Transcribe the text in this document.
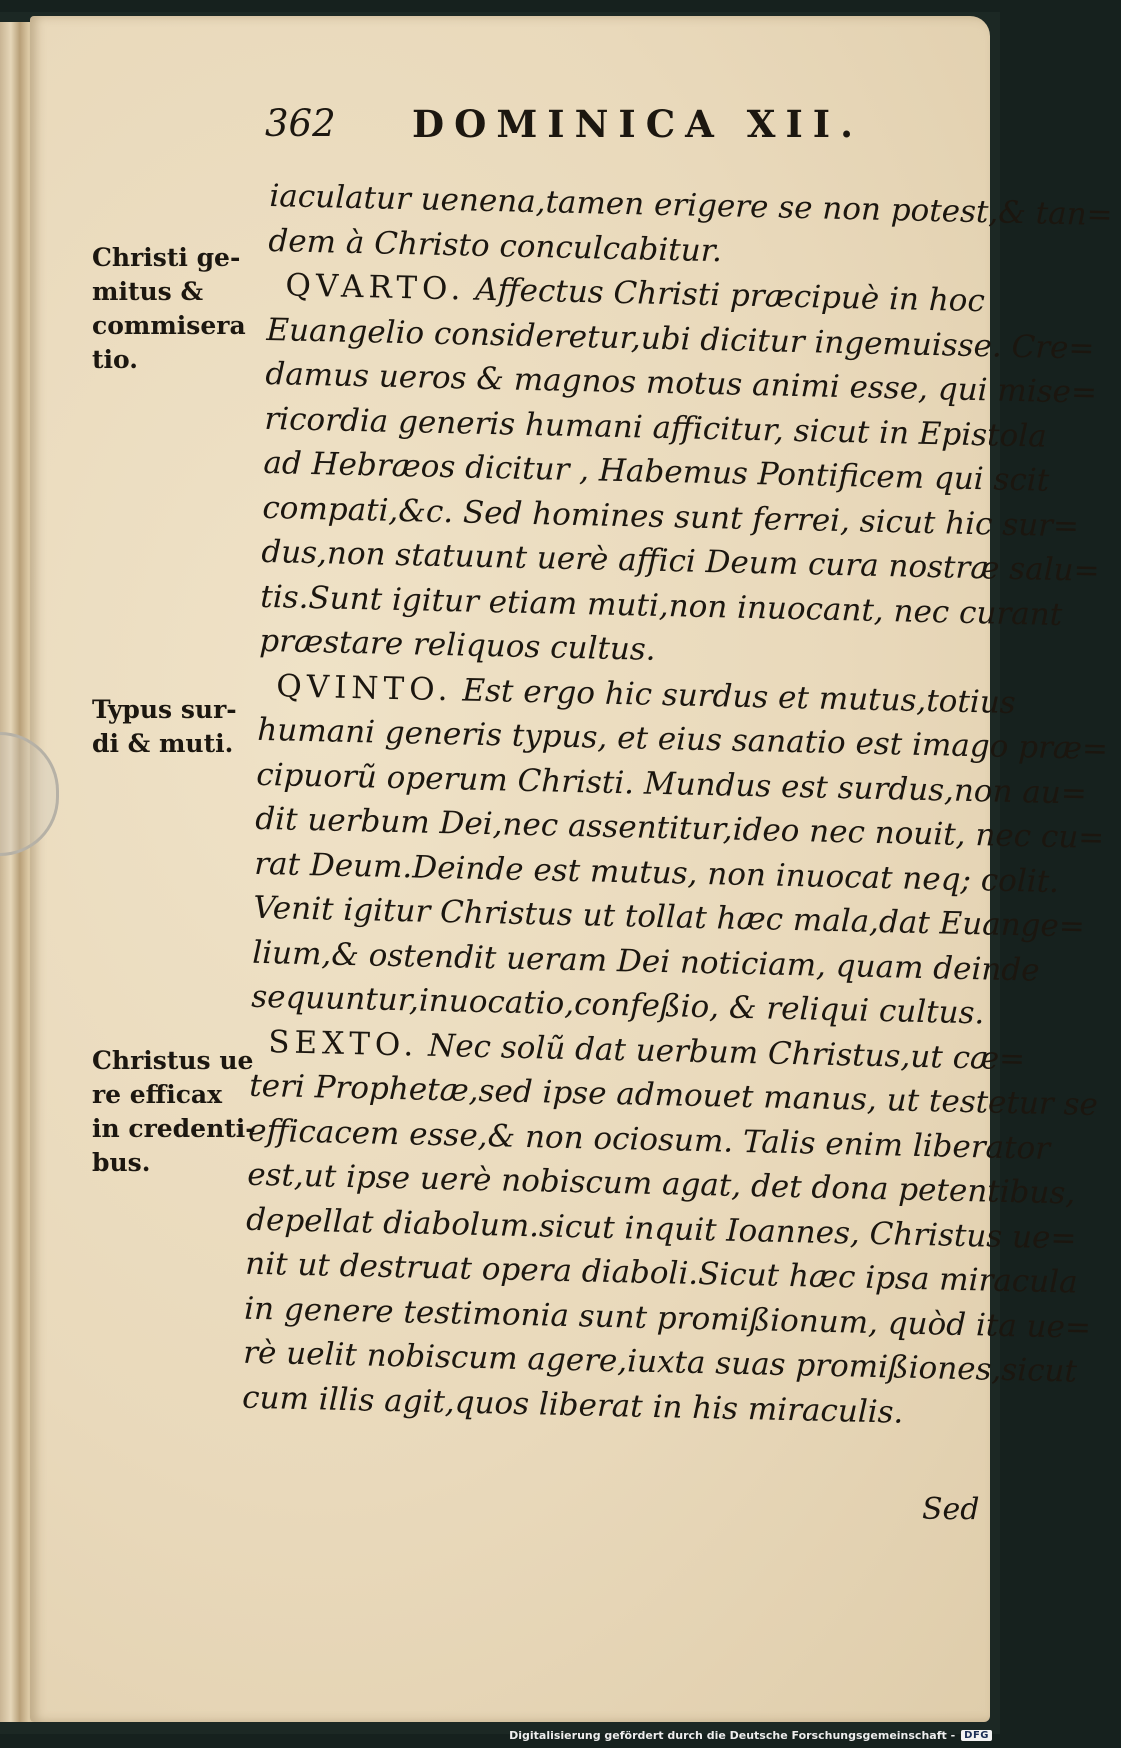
362 DOMINICA XII.
Christi ge-
mitus &
commisera
tio.
Typus sur-
di & muti.
Christus ue
re efficax
in credenti-
bus.
iaculatur uenena,tamen erigere se non potest,& tan=
dem à Christo conculcabitur.
QVARTO. Affectus Christi præcipuè in hoc
Euangelio consideretur,ubi dicitur ingemuisse. Cre=
damus ueros & magnos motus animi esse, qui mise=
ricordia generis humani afficitur, sicut in Epistola
ad Hebræos dicitur , Habemus Pontificem qui scit
compati,&c. Sed homines sunt ferrei, sicut hic sur=
dus,non statuunt uerè affici Deum cura nostræ salu=
tis.Sunt igitur etiam muti,non inuocant, nec curant
præstare reliquos cultus.
QVINTO. Est ergo hic surdus et mutus,totius
humani generis typus, et eius sanatio est imago præ=
cipuorũ operum Christi. Mundus est surdus,non au=
dit uerbum Dei,nec assentitur,ideo nec nouit, nec cu=
rat Deum.Deinde est mutus, non inuocat neq; colit.
Venit igitur Christus ut tollat hæc mala,dat Euange=
lium,& ostendit ueram Dei noticiam, quam deinde
sequuntur,inuocatio,confeßio, & reliqui cultus.
SEXTO. Nec solũ dat uerbum Christus,ut cæ=
teri Prophetæ,sed ipse admouet manus, ut testetur se
efficacem esse,& non ociosum. Talis enim liberator
est,ut ipse uerè nobiscum agat, det dona petentibus,
depellat diabolum.sicut inquit Ioannes, Christus ue=
nit ut destruat opera diaboli.Sicut hæc ipsa miracula
in genere testimonia sunt promißionum, quòd ita ue=
rè uelit nobiscum agere,iuxta suas promißiones,sicut
cum illis agit,quos liberat in his miraculis.
Sed
Digitalisierung gefördert durch die Deutsche Forschungsgemeinschaft - DFG
